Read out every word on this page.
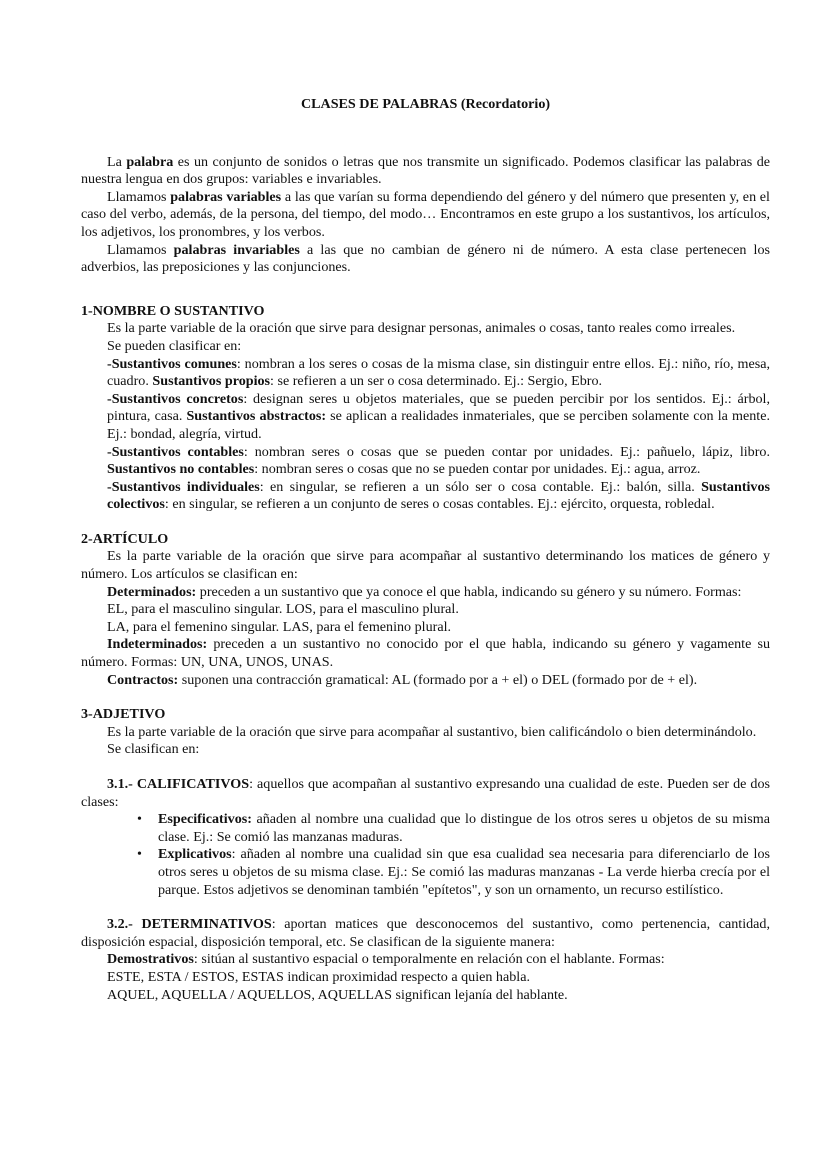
CLASES DE PALABRAS (Recordatorio)

La palabra es un conjunto de sonidos o letras que nos transmite un significado. Podemos clasificar las palabras de nuestra lengua en dos grupos: variables e invariables.

Llamamos palabras variables a las que varían su forma dependiendo del género y del número que presenten y, en el caso del verbo, además, de la persona, del tiempo, del modo… Encontramos en este grupo a los sustantivos, los artículos, los adjetivos, los pronombres, y los verbos.

Llamamos palabras invariables a las que no cambian de género ni de número. A esta clase pertenecen los adverbios, las preposiciones y las conjunciones.

1-NOMBRE O SUSTANTIVO

Es la parte variable de la oración que sirve para designar personas, animales o cosas, tanto reales como irreales.

Se pueden clasificar en:

-Sustantivos comunes: nombran a los seres o cosas de la misma clase, sin distinguir entre ellos. Ej.: niño, río, mesa, cuadro. Sustantivos propios: se refieren a un ser o cosa determinado. Ej.: Sergio, Ebro.

-Sustantivos concretos: designan seres u objetos materiales, que se pueden percibir por los sentidos. Ej.: árbol, pintura, casa. Sustantivos abstractos: se aplican a realidades inmateriales, que se perciben solamente con la mente. Ej.: bondad, alegría, virtud.

-Sustantivos contables: nombran seres o cosas que se pueden contar por unidades. Ej.: pañuelo, lápiz, libro. Sustantivos no contables: nombran seres o cosas que no se pueden contar por unidades. Ej.: agua, arroz.

-Sustantivos individuales: en singular, se refieren a un sólo ser o cosa contable. Ej.: balón, silla. Sustantivos colectivos: en singular, se refieren a un conjunto de seres o cosas contables. Ej.: ejército, orquesta, robledal.

2-ARTÍCULO

Es la parte variable de la oración que sirve para acompañar al sustantivo determinando los matices de género y número. Los artículos se clasifican en:

Determinados: preceden a un sustantivo que ya conoce el que habla, indicando su género y su número. Formas:

EL, para el masculino singular. LOS, para el masculino plural.

LA, para el femenino singular. LAS, para el femenino plural.

Indeterminados: preceden a un sustantivo no conocido por el que habla, indicando su género y vagamente su número. Formas: UN, UNA, UNOS, UNAS.

Contractos: suponen una contracción gramatical: AL (formado por a + el) o DEL (formado por de + el).

3-ADJETIVO

Es la parte variable de la oración que sirve para acompañar al sustantivo, bien calificándolo o bien determinándolo.

Se clasifican en:

3.1.- CALIFICATIVOS: aquellos que acompañan al sustantivo expresando una cualidad de este. Pueden ser de dos clases:

• Especificativos: añaden al nombre una cualidad que lo distingue de los otros seres u objetos de su misma clase. Ej.: Se comió las manzanas maduras.
• Explicativos: añaden al nombre una cualidad sin que esa cualidad sea necesaria para diferenciarlo de los otros seres u objetos de su misma clase. Ej.: Se comió las maduras manzanas - La verde hierba crecía por el parque. Estos adjetivos se denominan también "epítetos", y son un ornamento, un recurso estilístico.

3.2.- DETERMINATIVOS: aportan matices que desconocemos del sustantivo, como pertenencia, cantidad, disposición espacial, disposición temporal, etc. Se clasifican de la siguiente manera:

Demostrativos: sitúan al sustantivo espacial o temporalmente en relación con el hablante. Formas:

ESTE, ESTA / ESTOS, ESTAS indican proximidad respecto a quien habla.

AQUEL, AQUELLA / AQUELLOS, AQUELLAS significan lejanía del hablante.
